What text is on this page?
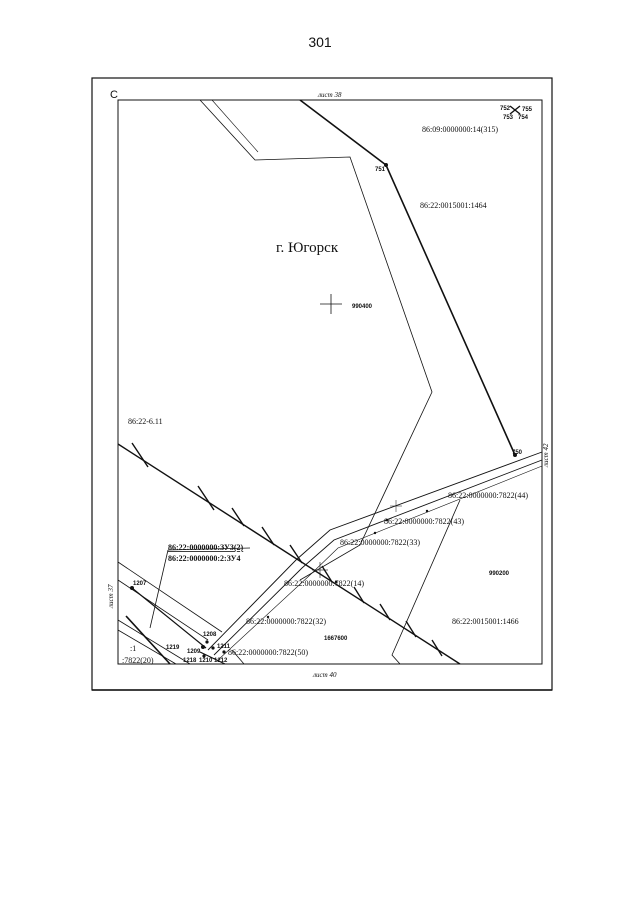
301
C	лист 38
лист 40
лист 37
лист 42
г. Югорск
990400
990200
1667600
86:09:0000000:14(315)
86:22:0015001:1464
86:22-6.11
86:22:0000000:7822(44)
86:22:0000000:7822(43)
86:22:0000000:7822(33)
86:22:0000000:7822(14)
86:22:0000000:7822(32)
86:22:0000000:7822(50)
86:22:0015001:1466
86:22:0000000:ЗУ3(2)
86:22:0000000:2:ЗУ4
:1
:7822(20)
751
750
752
753 754
755
1207
1208
1209
1210
1211
1212
1218
1219
